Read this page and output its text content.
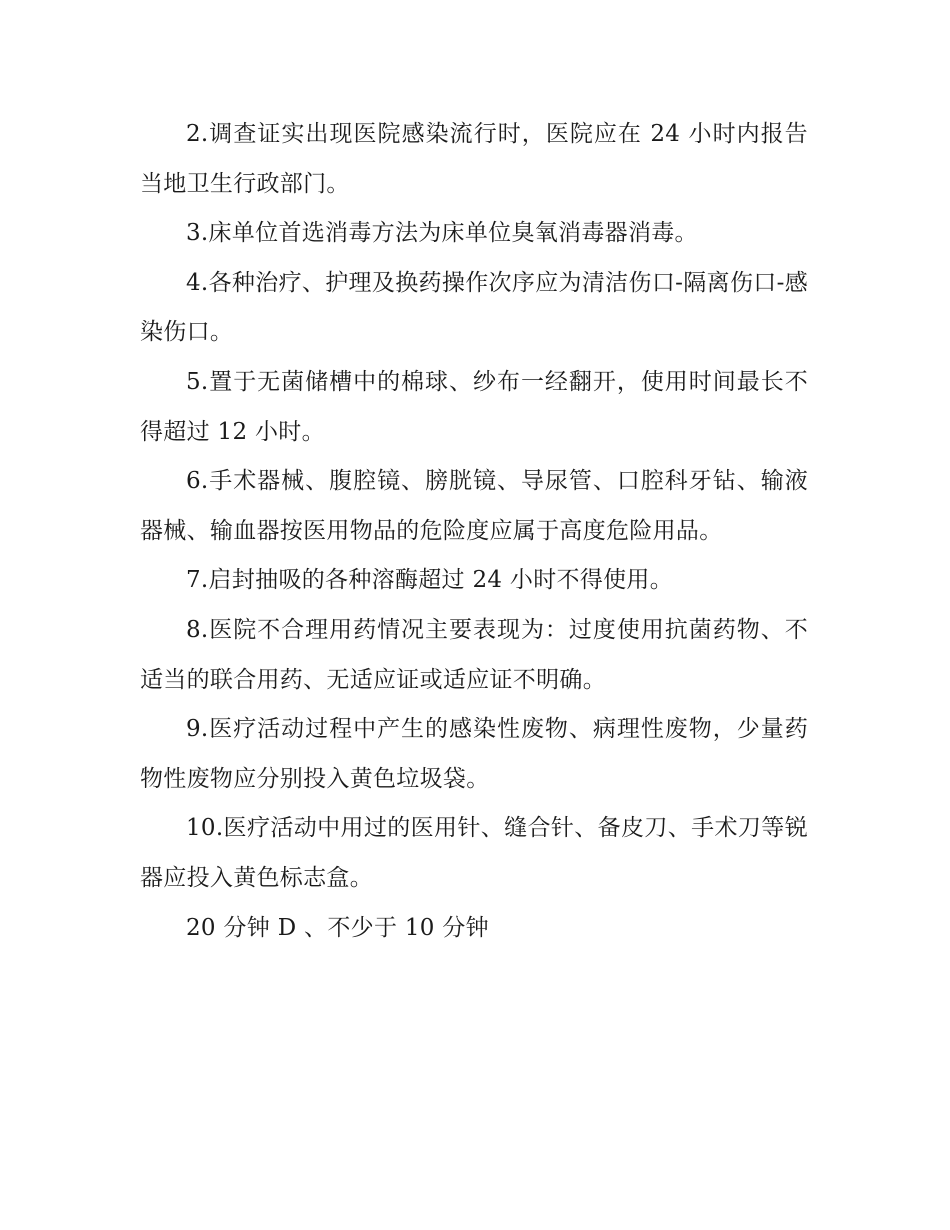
2.调查证实出现医院感染流行时，医院应在 24 小时内报告当地卫生行政部门。

3.床单位首选消毒方法为床单位臭氧消毒器消毒。

4.各种治疗、护理及换药操作次序应为清洁伤口-隔离伤口-感染伤口。

5.置于无菌储槽中的棉球、纱布一经翻开，使用时间最长不得超过 12 小时。

6.手术器械、腹腔镜、膀胱镜、导尿管、口腔科牙钻、输液器械、输血器按医用物品的危险度应属于高度危险用品。

7.启封抽吸的各种溶酶超过 24 小时不得使用。

8.医院不合理用药情况主要表现为：过度使用抗菌药物、不适当的联合用药、无适应证或适应证不明确。

9.医疗活动过程中产生的感染性废物、病理性废物，少量药物性废物应分别投入黄色垃圾袋。

10.医疗活动中用过的医用针、缝合针、备皮刀、手术刀等锐器应投入黄色标志盒。

20 分钟 D 、不少于 10 分钟
